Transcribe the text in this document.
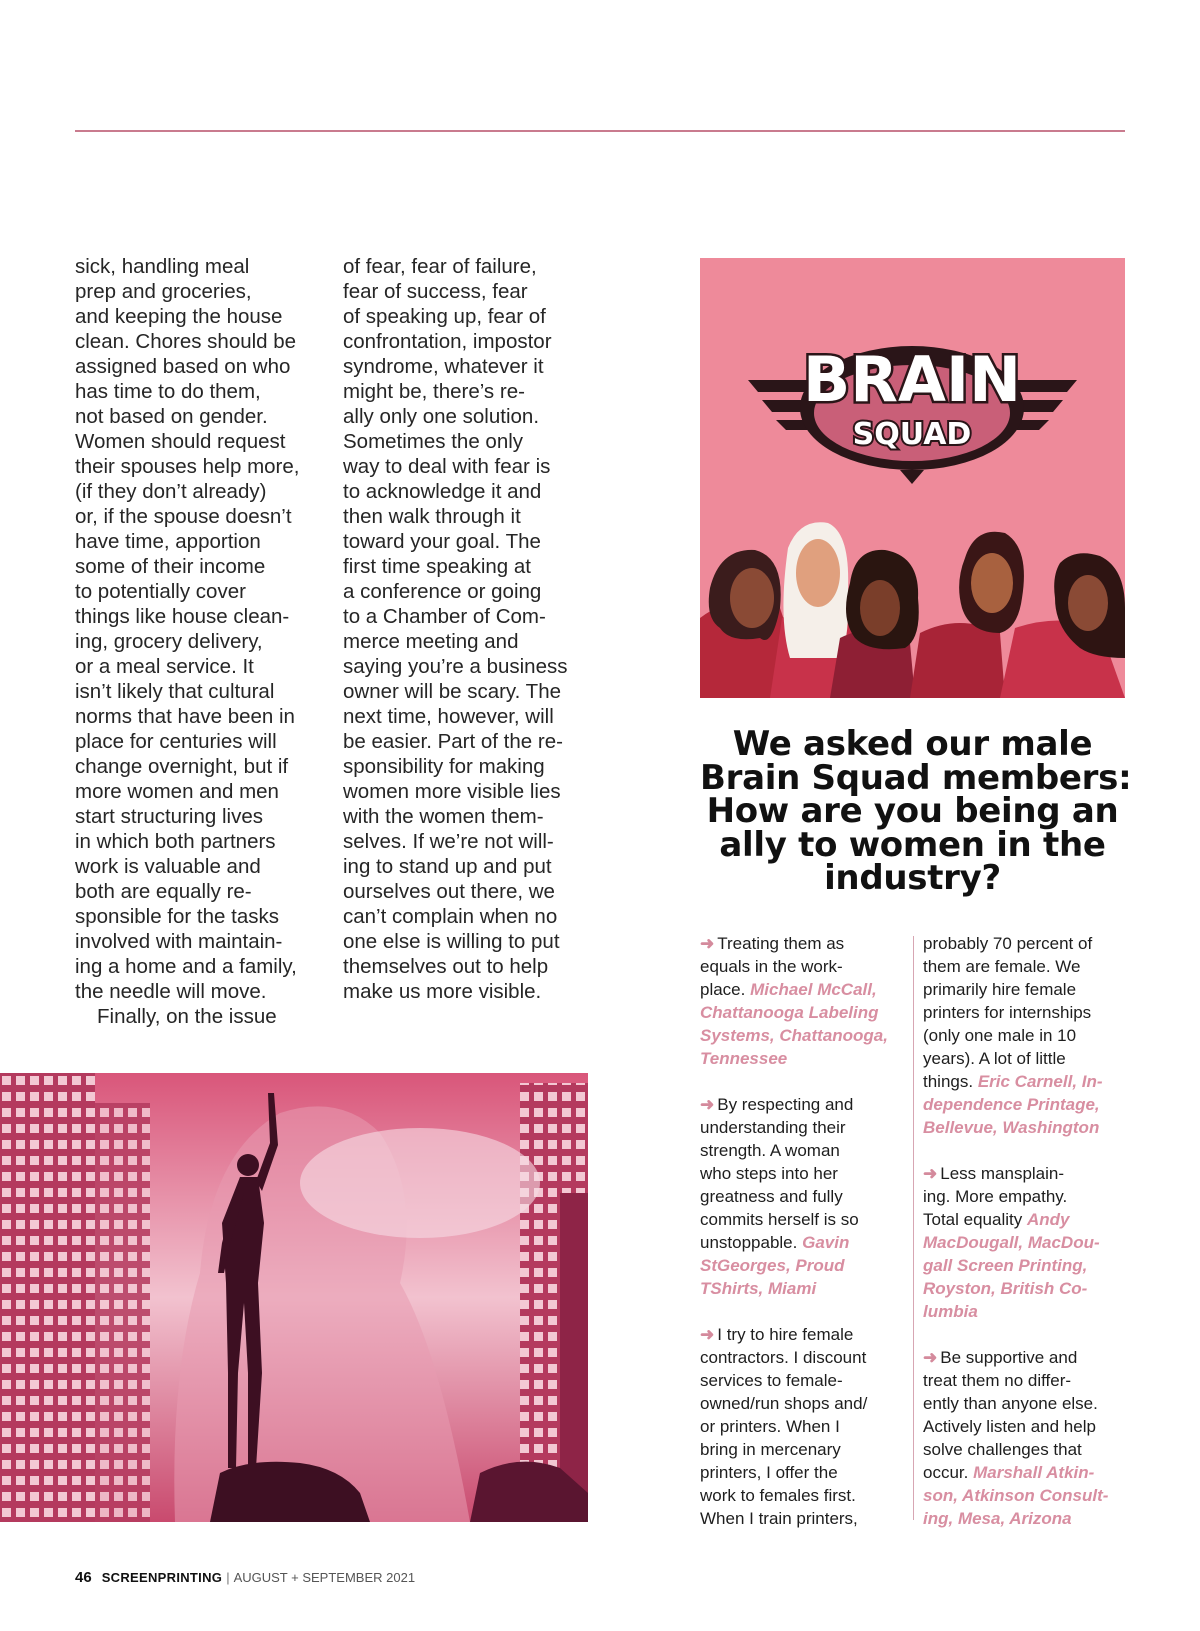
sick, handling meal
prep and groceries,
and keeping the house
clean. Chores should be
assigned based on who
has time to do them,
not based on gender.
Women should request
their spouses help more,
(if they don’t already)
or, if the spouse doesn’t
have time, apportion
some of their income
to potentially cover
things like house clean-
ing, grocery delivery,
or a meal service. It
isn’t likely that cultural
norms that have been in
place for centuries will
change overnight, but if
more women and men
start structuring lives
in which both partners
work is valuable and
both are equally re-
sponsible for the tasks
involved with maintain-
ing a home and a family,
the needle will move.

Finally, on the issue

of fear, fear of failure,
fear of success, fear
of speaking up, fear of
confrontation, impostor
syndrome, whatever it
might be, there’s re-
ally only one solution.
Sometimes the only
way to deal with fear is
to acknowledge it and
then walk through it
toward your goal. The
first time speaking at
a conference or going
to a Chamber of Com-
merce meeting and
saying you’re a business
owner will be scary. The
next time, however, will
be easier. Part of the re-
sponsibility for making
women more visible lies
with the women them-
selves. If we’re not will-
ing to stand up and put
ourselves out there, we
can’t complain when no
one else is willing to put
themselves out to help
make us more visible.

BRAIN
SQUAD
We asked our male
Brain Squad members:
How are you being an
ally to women in the
industry?
➜ Treating them as
equals in the work-
place. Michael McCall,
Chattanooga Labeling
Systems, Chattanooga,
Tennessee
➜ By respecting and
understanding their
strength. A woman
who steps into her
greatness and fully
commits herself is so
unstoppable. Gavin
StGeorges, Proud
TShirts, Miami
➜ I try to hire female
contractors. I discount
services to female-
owned/run shops and/
or printers. When I
bring in mercenary
printers, I offer the
work to females first.
When I train printers,
probably 70 percent of
them are female. We
primarily hire female
printers for internships
(only one male in 10
years). A lot of little
things. Eric Carnell, In-
dependence Printage,
Bellevue, Washington
➜ Less mansplain-
ing. More empathy.
Total equality Andy
MacDougall, MacDou-
gall Screen Printing,
Royston, British Co-
lumbia
➜ Be supportive and
treat them no differ-
ently than anyone else.
Actively listen and help
solve challenges that
occur. Marshall Atkin-
son, Atkinson Consult-
ing, Mesa, Arizona
46 SCREENPRINTING | AUGUST + SEPTEMBER 2021
